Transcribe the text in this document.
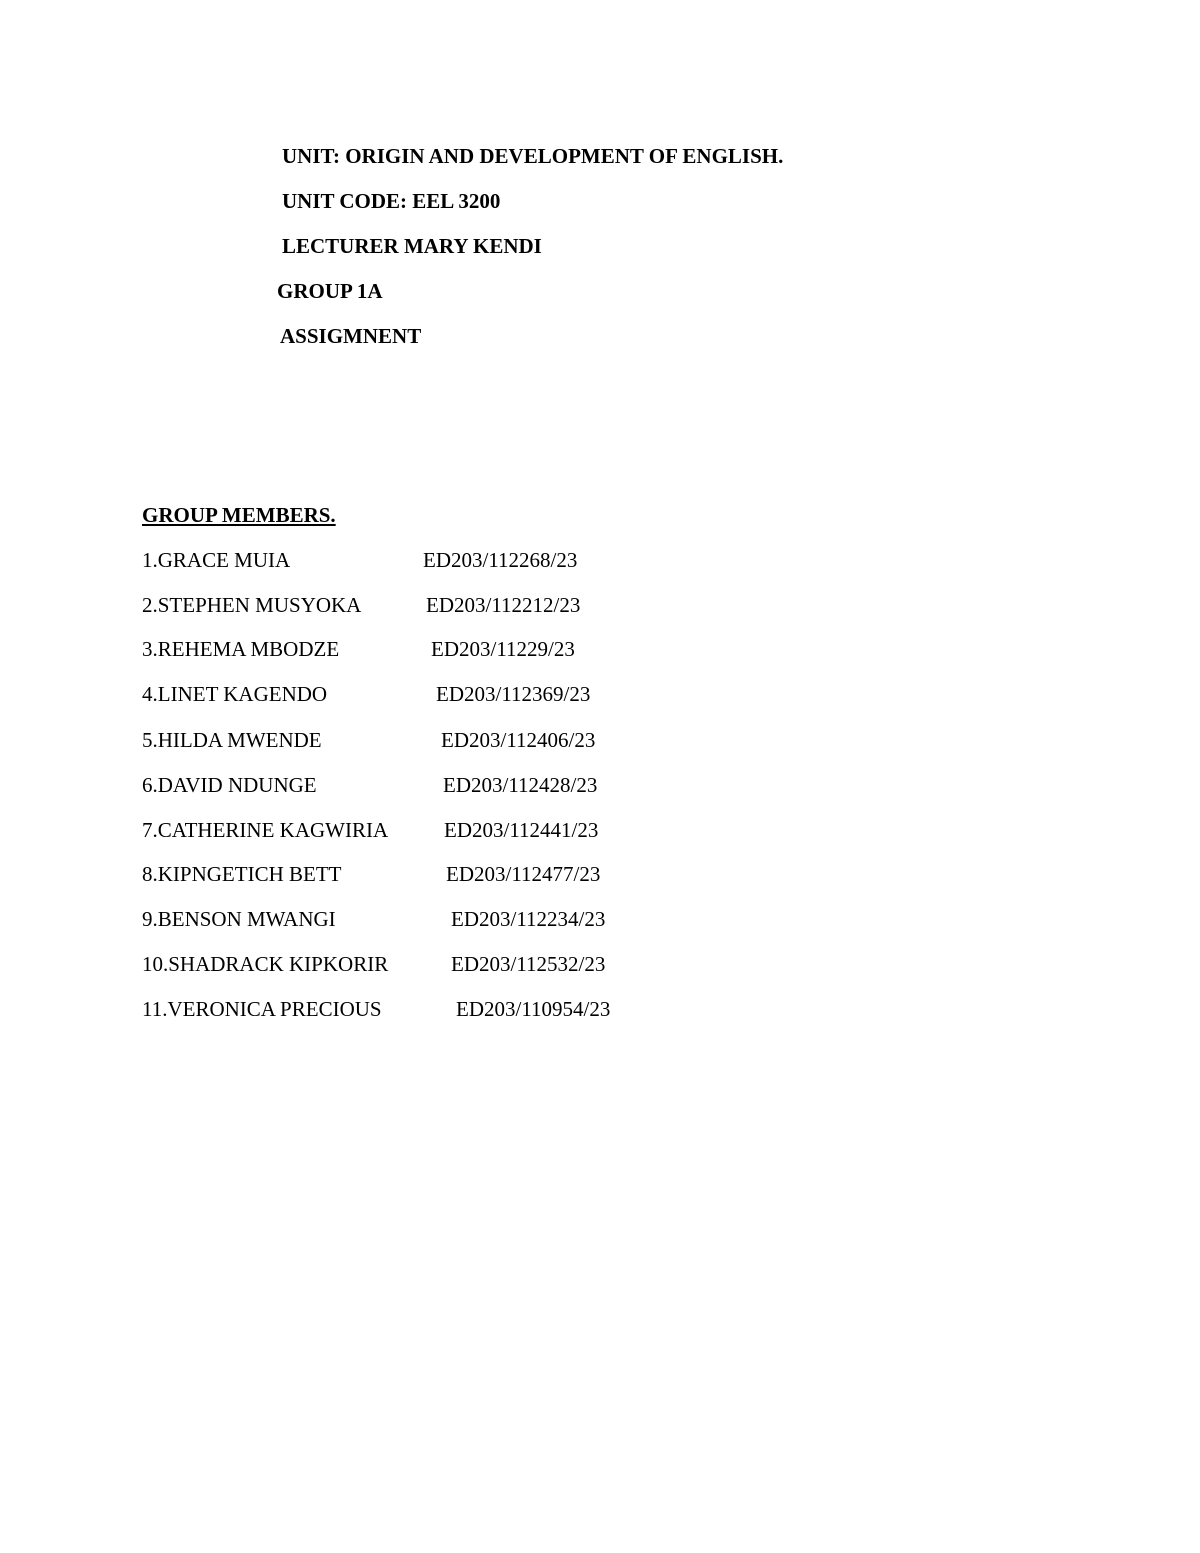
UNIT: ORIGIN AND DEVELOPMENT OF ENGLISH.
UNIT CODE: EEL 3200
LECTURER MARY KENDI
GROUP 1A
ASSIGMNENT
GROUP MEMBERS.
1.GRACE MUIA	ED203/112268/23
2.STEPHEN MUSYOKA	ED203/112212/23
3.REHEMA MBODZE	ED203/11229/23
4.LINET KAGENDO	ED203/112369/23
5.HILDA MWENDE	ED203/112406/23
6.DAVID NDUNGE	ED203/112428/23
7.CATHERINE KAGWIRIA	ED203/112441/23
8.KIPNGETICH BETT	ED203/112477/23
9.BENSON MWANGI	ED203/112234/23
10.SHADRACK KIPKORIR	ED203/112532/23
11.VERONICA PRECIOUS	ED203/110954/23
